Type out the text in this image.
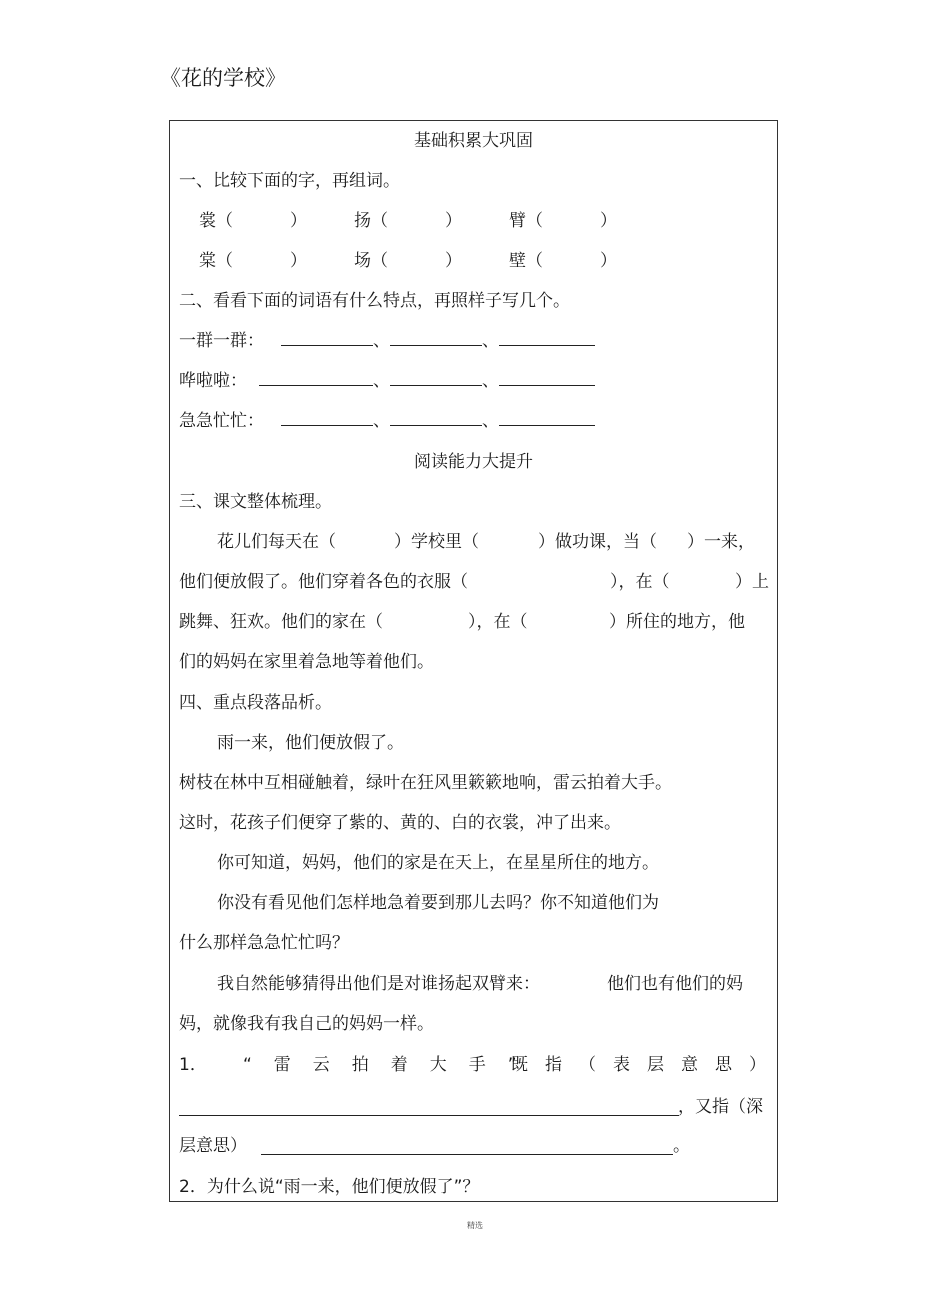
《花的学校》
基础积累大巩固
一、比较下面的字，再组词。
裳（	）	扬（	）	臂（	）
棠（	）	场（	）	壁（	）
二、看看下面的词语有什么特点，再照样子写几个。
一群一群：	、	、
哗啦啦：	、	、
急急忙忙：	、	、
阅读能力大提升
三、课文整体梳理。
花儿们每天在（	）学校里（	）做功课，当（ ）一来，
他们便放假了。他们穿着各色的衣服（	），在（	）上
跳舞、狂欢。他们的家在（	），在（	）所住的地方，他
们的妈妈在家里着急地等着他们。
四、重点段落品析。
雨一来，他们便放假了。
树枝在林中互相碰触着，绿叶在狂风里簌簌地响，雷云拍着大手。
这时，花孩子们便穿了紫的、黄的、白的衣裳，冲了出来。
你可知道，妈妈，他们的家是在天上，在星星所住的地方。
你没有看见他们怎样地急着要到那儿去吗？你不知道他们为
什么那样急急忙忙吗？
我自然能够猜得出他们是对谁扬起双臂来：	他们也有他们的妈
妈，就像我有我自己的妈妈一样。
1． “雷云拍着大手”
既指（表层意思）
，又指（深
层意思）	。
2．为什么说“雨一来，他们便放假了”？
精选
